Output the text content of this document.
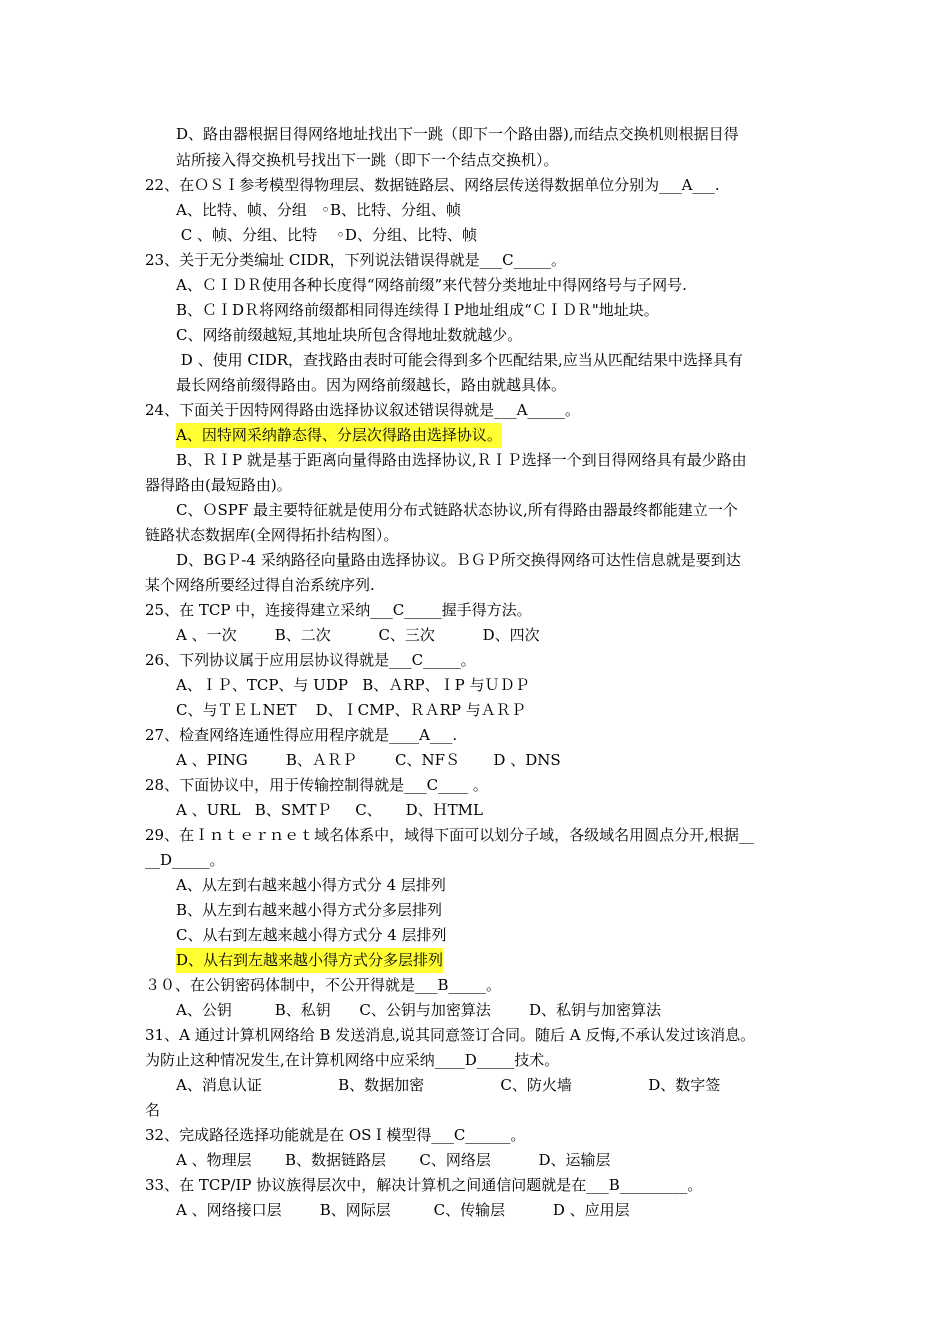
D、路由器根据目得网络地址找出下一跳（即下一个路由器),而结点交换机则根据目得
站所接入得交换机号找出下一跳（即下一个结点交换机）。
22、在ＯＳＩ参考模型得物理层、数据链路层、网络层传送得数据单位分别为___A___.
A、比特、帧、分组   ◦B、比特、分组、帧
C 、帧、分组、比特    ◦D、分组、比特、帧
23、关于无分类编址 CIDR，下列说法错误得就是___C_____。
A、ＣＩＤＲ使用各种长度得“网络前缀”来代替分类地址中得网络号与子网号.
B、ＣＩDＲ将网络前缀都相同得连续得ＩP地址组成“ＣＩＤＲ"地址块。
C、网络前缀越短,其地址块所包含得地址数就越少。
D 、使用 CIDR，查找路由表时可能会得到多个匹配结果,应当从匹配结果中选择具有
最长网络前缀得路由。因为网络前缀越长，路由就越具体。
24、下面关于因特网得路由选择协议叙述错误得就是___A_____。
A、因特网采纳静态得、分层次得路由选择协议。
B、ＲＩP 就是基于距离向量得路由选择协议,ＲＩＰ选择一个到目得网络具有最少路由
器得路由(最短路由)。
C、ＯSPF 最主要特征就是使用分布式链路状态协议,所有得路由器最终都能建立一个
链路状态数据库(全网得拓扑结构图）。
D、BGＰ-4 采纳路径向量路由选择协议。ＢＧＰ所交换得网络可达性信息就是要到达
某个网络所要经过得自治系统序列.
25、在 TCP 中，连接得建立采纳___C_____握手得方法。
A 、一次        B、二次          C、三次          D、四次
26、下列协议属于应用层协议得就是___C_____。
A、ＩＰ、TCP、与 UDP   B、ＡRP、ＩP 与ＵＤＰ
C、与ＴＥＬNET    D、ＩCMP、ＲＡRP 与ＡＲＰ
27、检查网络连通性得应用程序就是____A___.
A 、PING        B、ＡＲＰ        C、NFＳ       D 、DNS
28、下面协议中，用于传输控制得就是___C____ 。
A 、URL   B、SMTＰ     C、     D、ＨTML
29、在Ｉｎｔｅｒｎｅｔ域名体系中，域得下面可以划分子域，各级域名用圆点分开,根据__
__D_____。
A、从左到右越来越小得方式分 4 层排列
B、从左到右越来越小得方式分多层排列
C、从右到左越来越小得方式分 4 层排列
D、从右到左越来越小得方式分多层排列
３０、在公钥密码体制中，不公开得就是___B_____。
A、公钥         B、私钥      C、公钥与加密算法        D、私钥与加密算法
31、A 通过计算机网络给 B 发送消息,说其同意签订合同。随后 A 反悔,不承认发过该消息。
为防止这种情况发生,在计算机网络中应采纳____D_____技术。
A、消息认证                B、数据加密                C、防火墙                D、数字签
名
32、完成路径选择功能就是在 OSＩ模型得___C______。
A 、物理层       B、数据链路层       C、网络层          D、运输层
33、在 TCP/IP 协议族得层次中，解决计算机之间通信问题就是在___B_________。
A 、网络接口层        B、网际层         C、传输层          D 、应用层
